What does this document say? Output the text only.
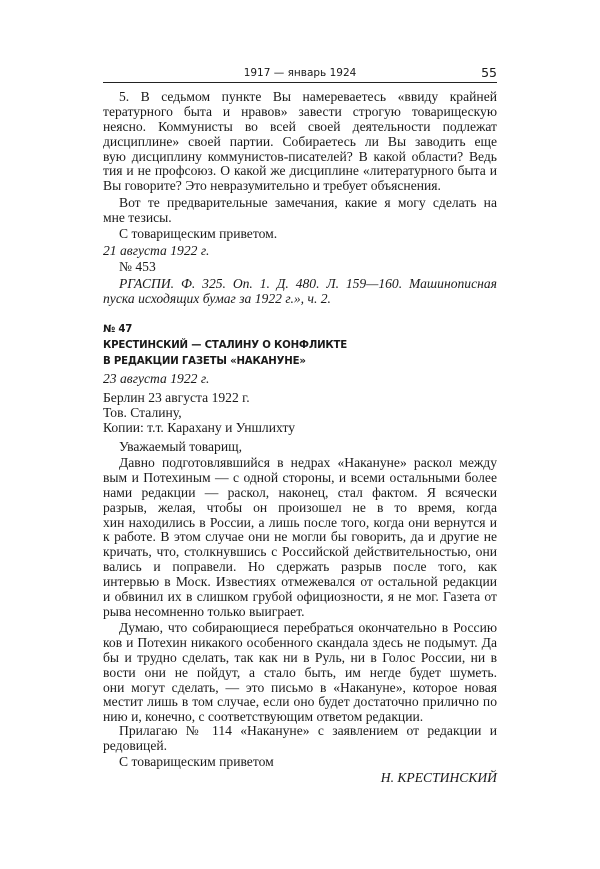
1917 — январь 1924	55
5. В седьмом пункте Вы намереваетесь «ввиду крайней
тературного быта и нравов» завести строгую товарищескую
неясно. Коммунисты во всей своей деятельности подлежат
дисциплине» своей партии. Собираетесь ли Вы заводить еще
вую дисциплину коммунистов-писателей? В какой области? Ведь
тия и не профсоюз. О какой же дисциплине «литературного быта и
Вы говорите? Это невразумительно и требует объяснения.
Вот те предварительные замечания, какие я могу сделать на
мне тезисы.
С товарищеским приветом.
21 августа 1922 г.
№ 453
РГАСПИ. Ф. 325. Оп. 1. Д. 480. Л. 159—160. Машинописная
пуска исходящих бумаг за 1922 г.», ч. 2.
№ 47
КРЕСТИНСКИЙ — СТАЛИНУ О КОНФЛИКТЕ
В РЕДАКЦИИ ГАЗЕТЫ «НАКАНУНЕ»
23 августа 1922 г.
Берлин 23 августа 1922 г.
Тов. Сталину,
Копии: т.т. Карахану и Уншлихту
Уважаемый товарищ,
Давно подготовлявшийся в недрах «Накануне» раскол между
вым и Потехиным — с одной стороны, и всеми остальными более
нами редакции — раскол, наконец, стал фактом. Я всячески
разрыв, желая, чтобы он произошел не в то время, когда
хин находились в России, а лишь после того, когда они вернутся и
к работе. В этом случае они не могли бы говорить, да и другие не
кричать, что, столкнувшись с Российской действительностью, они
вались и поправели. Но сдержать разрыв после того, как
интервью в Моск. Известиях отмежевался от остальной редакции
и обвинил их в слишком грубой официозности, я не мог. Газета от
рыва несомненно только выиграет.
Думаю, что собирающиеся перебраться окончательно в Россию
ков и Потехин никакого особенного скандала здесь не подымут. Да
бы и трудно сделать, так как ни в Руль, ни в Голос России, ни в
вости они не пойдут, а стало быть, им негде будет шуметь.
они могут сделать, — это письмо в «Накануне», которое новая
местит лишь в том случае, если оно будет достаточно прилично по
нию и, конечно, с соответствующим ответом редакции.
Прилагаю № 114 «Накануне» с заявлением от редакции и
редовицей.
С товарищеским приветом
Н. КРЕСТИНСКИЙ
